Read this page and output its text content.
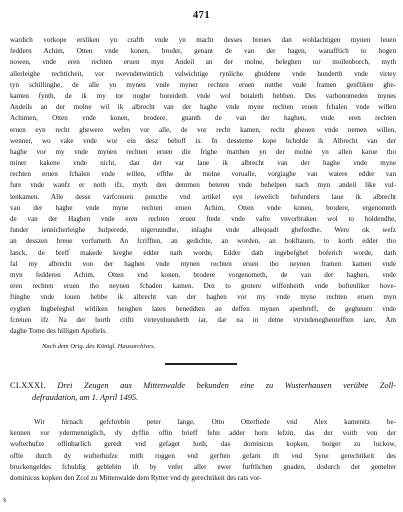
471
wardich vorkope ersliken yn crafth vnde yn macht desses breues dan woldachtigen mynen leuen
feddern Achim, Otten vnde konen, broder, genant de van der hagen, wanafftich to hogen
nowen, vnde eren rechten eruen myn Andeil an der molne, beleghen tor mollenborch, myth
allerleighe rechticheit, vor twevndetwintich vulwichtige rynliche ghuldene vnde hunderth vnde virtey
tyn schillinghe, de alle yn mynen vnde myner rechten eruen nutthe vnde framen genfliken ghe-
kamen fynth, de ik my tor noghe boreideth vnde wol botaleth hebben. Des varbonomeden mynes
Andeils an der molne wil ik albrecht van der haghe vnde myne rechten eruen fchalen vnde willen
Achimen, Otten vnde konen, brodere, gnanth de van der haghen, vnde eren rechten
eruen eyn recht ghewere wefen vor alle, de vor recht kamen, recht gheuen vnde nemen willen,
wenner, wo vake vnde wor ein desz behoff is. In dessteme kope bcholde ik Albrecht van der
haghe vor my vnde mynen rechten eruen die frighe matthen yn der molne yn allen karue tho
miner kakene vnde nicht, dan der var laue ik albrecht van der haghe vnde myne
rechten eruen fchalen vnde willen, effthe de molne vorualle, vorgiaghe van watere edder van
fure vnde wanfz er noth ifz, myth den demmen beteren vnde behelpen nach myn andeil like vul-
lenkamen. Alle desse varfcreuen puncthe vnd artikel eyn iewelich befundern laue ik albrecht
van der haghe vnde myne rechten eruen Achim, Otten vnde konen, brodere, ergenometh
de van der Haghen vnde eren rechten eruen ftede vnde vafte vnvorbraken wol to holdendhe,
funder iennicherleighe hulperede, nigeruundhe, infaghe vnde alleqoadt gheferdhe. Were ok wefz
an desszen breue vorfumeth An fcrifften, an gedichte, an worden, an bokftauen, to korth edder tho
lanck, de breff makede kreghe edder nath worde, Edder dath ingebefghel boferich worde, dath
fal my albrecht von der haghen vnde mynen rechten eruen tho neynen framen kamen vnde
myn fedderen Achim, Otten vnd konen, brodere vorgenometh, de van der haghen, vnde
eren rechten eruen tho neynen fchaden kamen. Dez to grotere wiffenheith vnde boftenliker bove-
ftinghe vnde louen hebbe ik albrecht van der haghen vor my vnde myne rechten eruen myn
eyghen Ingbefeghel witliken henghen laten beneddten an deffen mynen apenbreff, de gegheuen vnde
fcreuen ifz Na der borth crifti virteynhunderth iar, dar na in deme virvndeneghentefften iare, Am
daghe Tome des hilligen Apoftels.
Nach dem Orig. des Königl. Hausarchives.
CLXXXI. Drei Zeugen aus Mittenwalde bekunden eine zu Wusterhausen verübte Zoll-
defraudation, am 1. April 1495.
Wir hirnach gefchrebin peter lange, Otto Otterftede vnd Alex kamenitz be-
kennen vor ydermenniglich, dy dyffin offin brieff fehn adder horn lefzin, das der voith von der
wufterhufze offinbarlich geredt vnd gefaget hoth, das dominicus kopken, borger zu luckow,
offte durch dy wufterhufze mith roggen vnd gerften gefarn ift vnd Syne gerechtikeit des
bruckengeldes fchuldig geblebin ift by vnfer aller ewer furftlichen gnaden, dodurch der gemelter
dominicus kopken den Zcol zu Mittenwalde dem Rytter vnd dy gerechtikeit des rats vor-
§
